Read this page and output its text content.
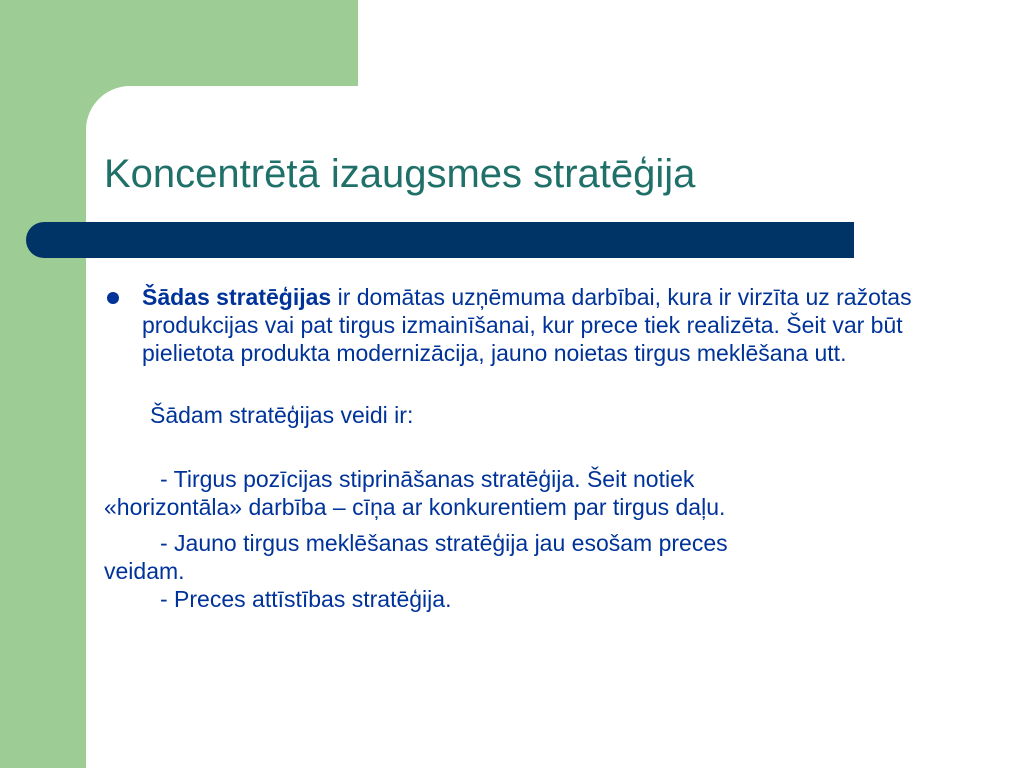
Koncentrētā izaugsmes stratēģija

Šādas stratēģijas ir domātas uzņēmuma darbībai, kura ir virzīta uz ražotas produkcijas vai pat tirgus izmainīšanai, kur prece tiek realizēta. Šeit var būt pielietota produkta modernizācija, jauno noietas tirgus meklēšana utt.

Šādam stratēģijas veidi ir:

- Tirgus pozīcijas stiprināšanas stratēģija. Šeit notiek
«horizontāla» darbība – cīņa ar konkurentiem par tirgus daļu.
- Jauno tirgus meklēšanas stratēģija jau esošam preces
veidam.
- Preces attīstības stratēģija.
